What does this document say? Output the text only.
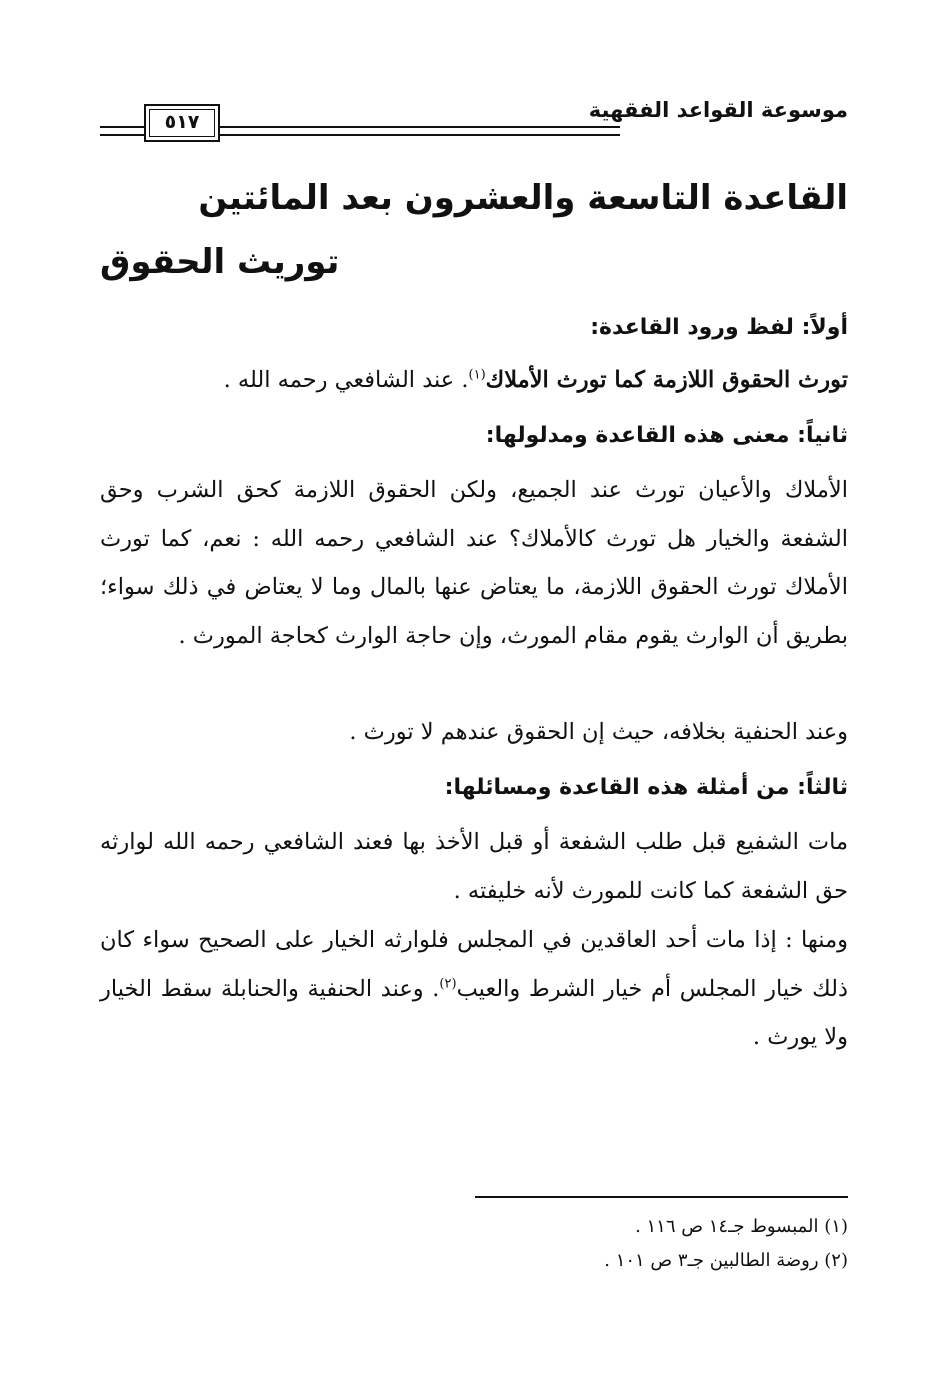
موسوعة القواعد الفقهية
٥١٧
القاعدة التاسعة والعشرون بعد المائتين
توريث الحقوق
أولاً: لفظ ورود القاعدة:

تورث الحقوق اللازمة كما تورث الأملاك$^{(١)}$. عند الشافعي رحمه الله .

ثانياً: معنى هذه القاعدة ومدلولها:

الأملاك والأعيان تورث عند الجميع، ولكن الحقوق اللازمة كحق الشرب وحق الشفعة والخيار هل تورث كالأملاك؟ عند الشافعي رحمه الله : نعم، كما تورث الأملاك تورث الحقوق اللازمة، ما يعتاض عنها بالمال وما لا يعتاض في ذلك سواء؛ بطريق أن الوارث يقوم مقام المورث، وإن حاجة الوارث كحاجة المورث .

وعند الحنفية بخلافه، حيث إن الحقوق عندهم لا تورث .

ثالثاً: من أمثلة هذه القاعدة ومسائلها:

مات الشفيع قبل طلب الشفعة أو قبل الأخذ بها فعند الشافعي رحمه الله لوارثه حق الشفعة كما كانت للمورث لأنه خليفته .

ومنها : إذا مات أحد العاقدين في المجلس فلوارثه الخيار على الصحيح سواء كان ذلك خيار المجلس أم خيار الشرط والعيب$^{(٢)}$. وعند الحنفية والحنابلة سقط الخيار ولا يورث .

(١) المبسوط جـ١٤ ص ١١٦ .
(٢) روضة الطالبين جـ٣ ص ١٠١ .
